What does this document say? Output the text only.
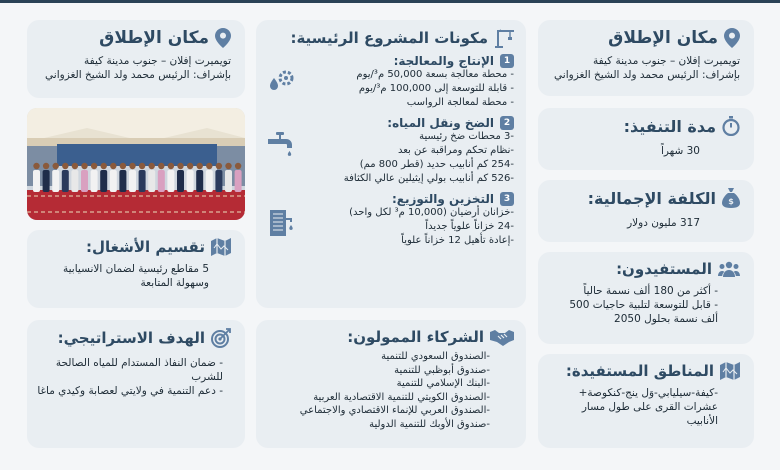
مكان الإطلاق
تويميرت إفلان – جنوب مدينة كيفة
بإشراف: الرئيس محمد ولد الشيخ الغزواني
مدة التنفيذ:
30 شهراً
$
الكلفة الإجمالية:
317 مليون دولار
المستفيدون:
- أكثر من 180 ألف نسمة حالياً
- قابل للتوسعة لتلبية حاجيات 500
ألف نسمة بحلول 2050
المناطق المستفيدة:
-كيفة-سيليابي-وَل ينج-كنكوصة+
عشرات القرى على طول مسار
الأنابيب
مكونات المشروع الرئيسية:
1
الإنتاج والمعالجة:
- محطة معالجة بسعة 50,000 م³/يوم
- قابلة للتوسعة إلى 100,000 م³/يوم
- محطة لمعالجة الرواسب
2
الضخ ونقل المياه:
-3 محطات ضخ رئيسية
-نظام تحكم ومراقبة عن بعد
-254 كم أنابيب حديد (قطر 800 مم)
-526 كم أنابيب بولي إيثيلين عالي الكثافة
3
التخزين والتوزيع:
-خزانان أرضيان (10,000 م³ لكل واحد)
-24 خزاناً علوياً جديداً
-إعادة تأهيل 12 خزاناً علوياً
مكان الإطلاق
تويميرت إفلان – جنوب مدينة كيفة
بإشراف: الرئيس محمد ولد الشيخ الغزواني
تقسيم الأشغال:
5 مقاطع رئيسية لضمان الانسيابية
وسهولة المتابعة
الشركاء الممولون:
-الصندوق السعودي للتنمية
-صندوق أبوظبي للتنمية
-البنك الإسلامي للتنمية
-الصندوق الكويتي للتنمية الاقتصادية العربية
-الصندوق العربي للإنماء الاقتصادي والاجتماعي
-صندوق الأوبك للتنمية الدولية
الهدف الاستراتيجي:
- ضمان النفاذ المستدام للمياه الصالحة
للشرب
- دعم التنمية في ولايتي لعصابة وكيدي ماغا
